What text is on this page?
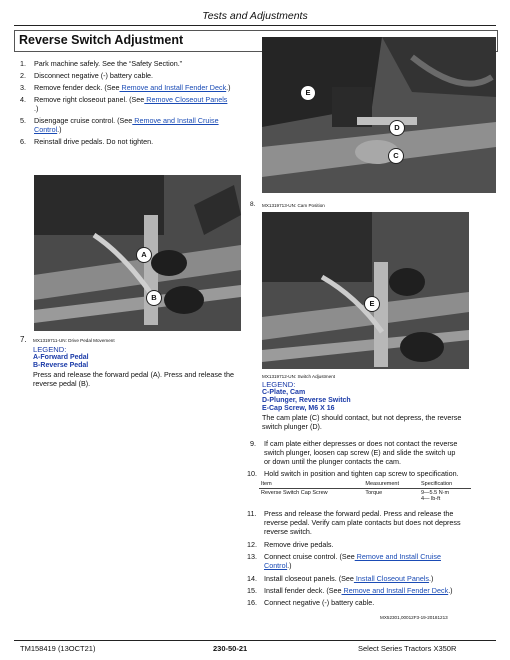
Tests and Adjustments
Reverse Switch Adjustment
1. Park machine safely. See the “Safety Section.”
2. Disconnect negative (-) battery cable.
3. Remove fender deck. (See Remove and Install Fender Deck.)
4. Remove right closeout panel. (See Remove Closeout Panels
.)
5. Disengage cruise control. (See Remove and Install Cruise
Control.)
6. Reinstall drive pedals. Do not tighten.
A
B
7. MX1319711-UN: Drive Pedal Movement
LEGEND:
A-Forward Pedal
B-Reverse Pedal
Press and release the forward pedal (A). Press and release the
reverse pedal (B).
E
D
C
8. MX1319713-UN: Cam Position
E
MX1319712-UN: Switch Adjustment
LEGEND:
C-Plate, Cam
D-Plunger, Reverse Switch
E-Cap Screw, M6 X 16
The cam plate (C) should contact, but not depress, the reverse
switch plunger (D).
9. If cam plate either depresses or does not contact the reverse
switch plunger, loosen cap screw (E) and slide the switch up
or down until the plunger contacts the cam.
10. Hold switch in position and tighten cap screw to specification.
Item	Measurement	Specification
Reverse Switch Cap Screw	Torque	9—5.5 N·m
4— lb-ft
11. Press and release the forward pedal. Press and release the
reverse pedal. Verify cam plate contacts but does not depress
reverse switch.
12. Remove drive pedals.
13. Connect cruise control. (See Remove and Install Cruise
Control.)
14. Install closeout panels. (See Install Closeout Panels.)
15. Install fender deck. (See Remove and Install Fender Deck.)
16. Connect negative (-) battery cable.
MX52301,00012F3-19-20181213
TM158419 (13OCT21)	230-50-21	Select Series Tractors X350R
